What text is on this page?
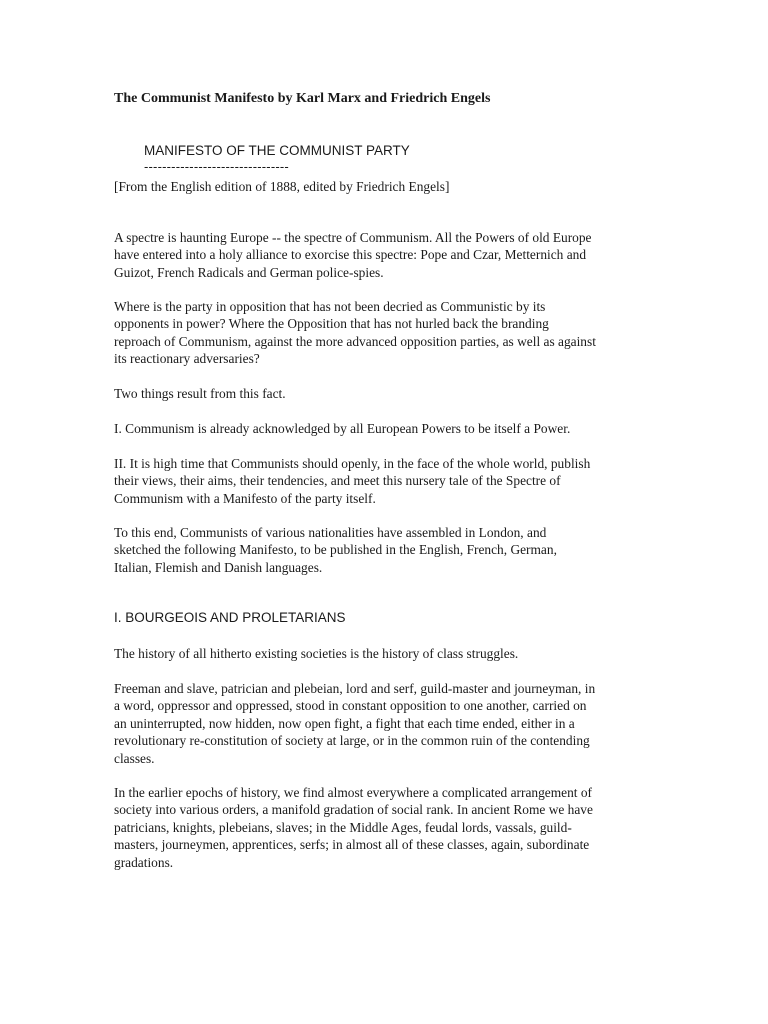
The Communist Manifesto by Karl Marx and Friedrich Engels

MANIFESTO OF THE COMMUNIST PARTY

--------------------------------

[From the English edition of 1888, edited by Friedrich Engels]

A spectre is haunting Europe -- the spectre of Communism. All the Powers of old Europe
have entered into a holy alliance to exorcise this spectre: Pope and Czar, Metternich and
Guizot, French Radicals and German police-spies.
Where is the party in opposition that has not been decried as Communistic by its
opponents in power? Where the Opposition that has not hurled back the branding
reproach of Communism, against the more advanced opposition parties, as well as against
its reactionary adversaries?
Two things result from this fact.
I. Communism is already acknowledged by all European Powers to be itself a Power.
II. It is high time that Communists should openly, in the face of the whole world, publish
their views, their aims, their tendencies, and meet this nursery tale of the Spectre of
Communism with a Manifesto of the party itself.
To this end, Communists of various nationalities have assembled in London, and
sketched the following Manifesto, to be published in the English, French, German,
Italian, Flemish and Danish languages.

I. BOURGEOIS AND PROLETARIANS

The history of all hitherto existing societies is the history of class struggles.
Freeman and slave, patrician and plebeian, lord and serf, guild-master and journeyman, in
a word, oppressor and oppressed, stood in constant opposition to one another, carried on
an uninterrupted, now hidden, now open fight, a fight that each time ended, either in a
revolutionary re-constitution of society at large, or in the common ruin of the contending
classes.
In the earlier epochs of history, we find almost everywhere a complicated arrangement of
society into various orders, a manifold gradation of social rank. In ancient Rome we have
patricians, knights, plebeians, slaves; in the Middle Ages, feudal lords, vassals, guild-
masters, journeymen, apprentices, serfs; in almost all of these classes, again, subordinate
gradations.
